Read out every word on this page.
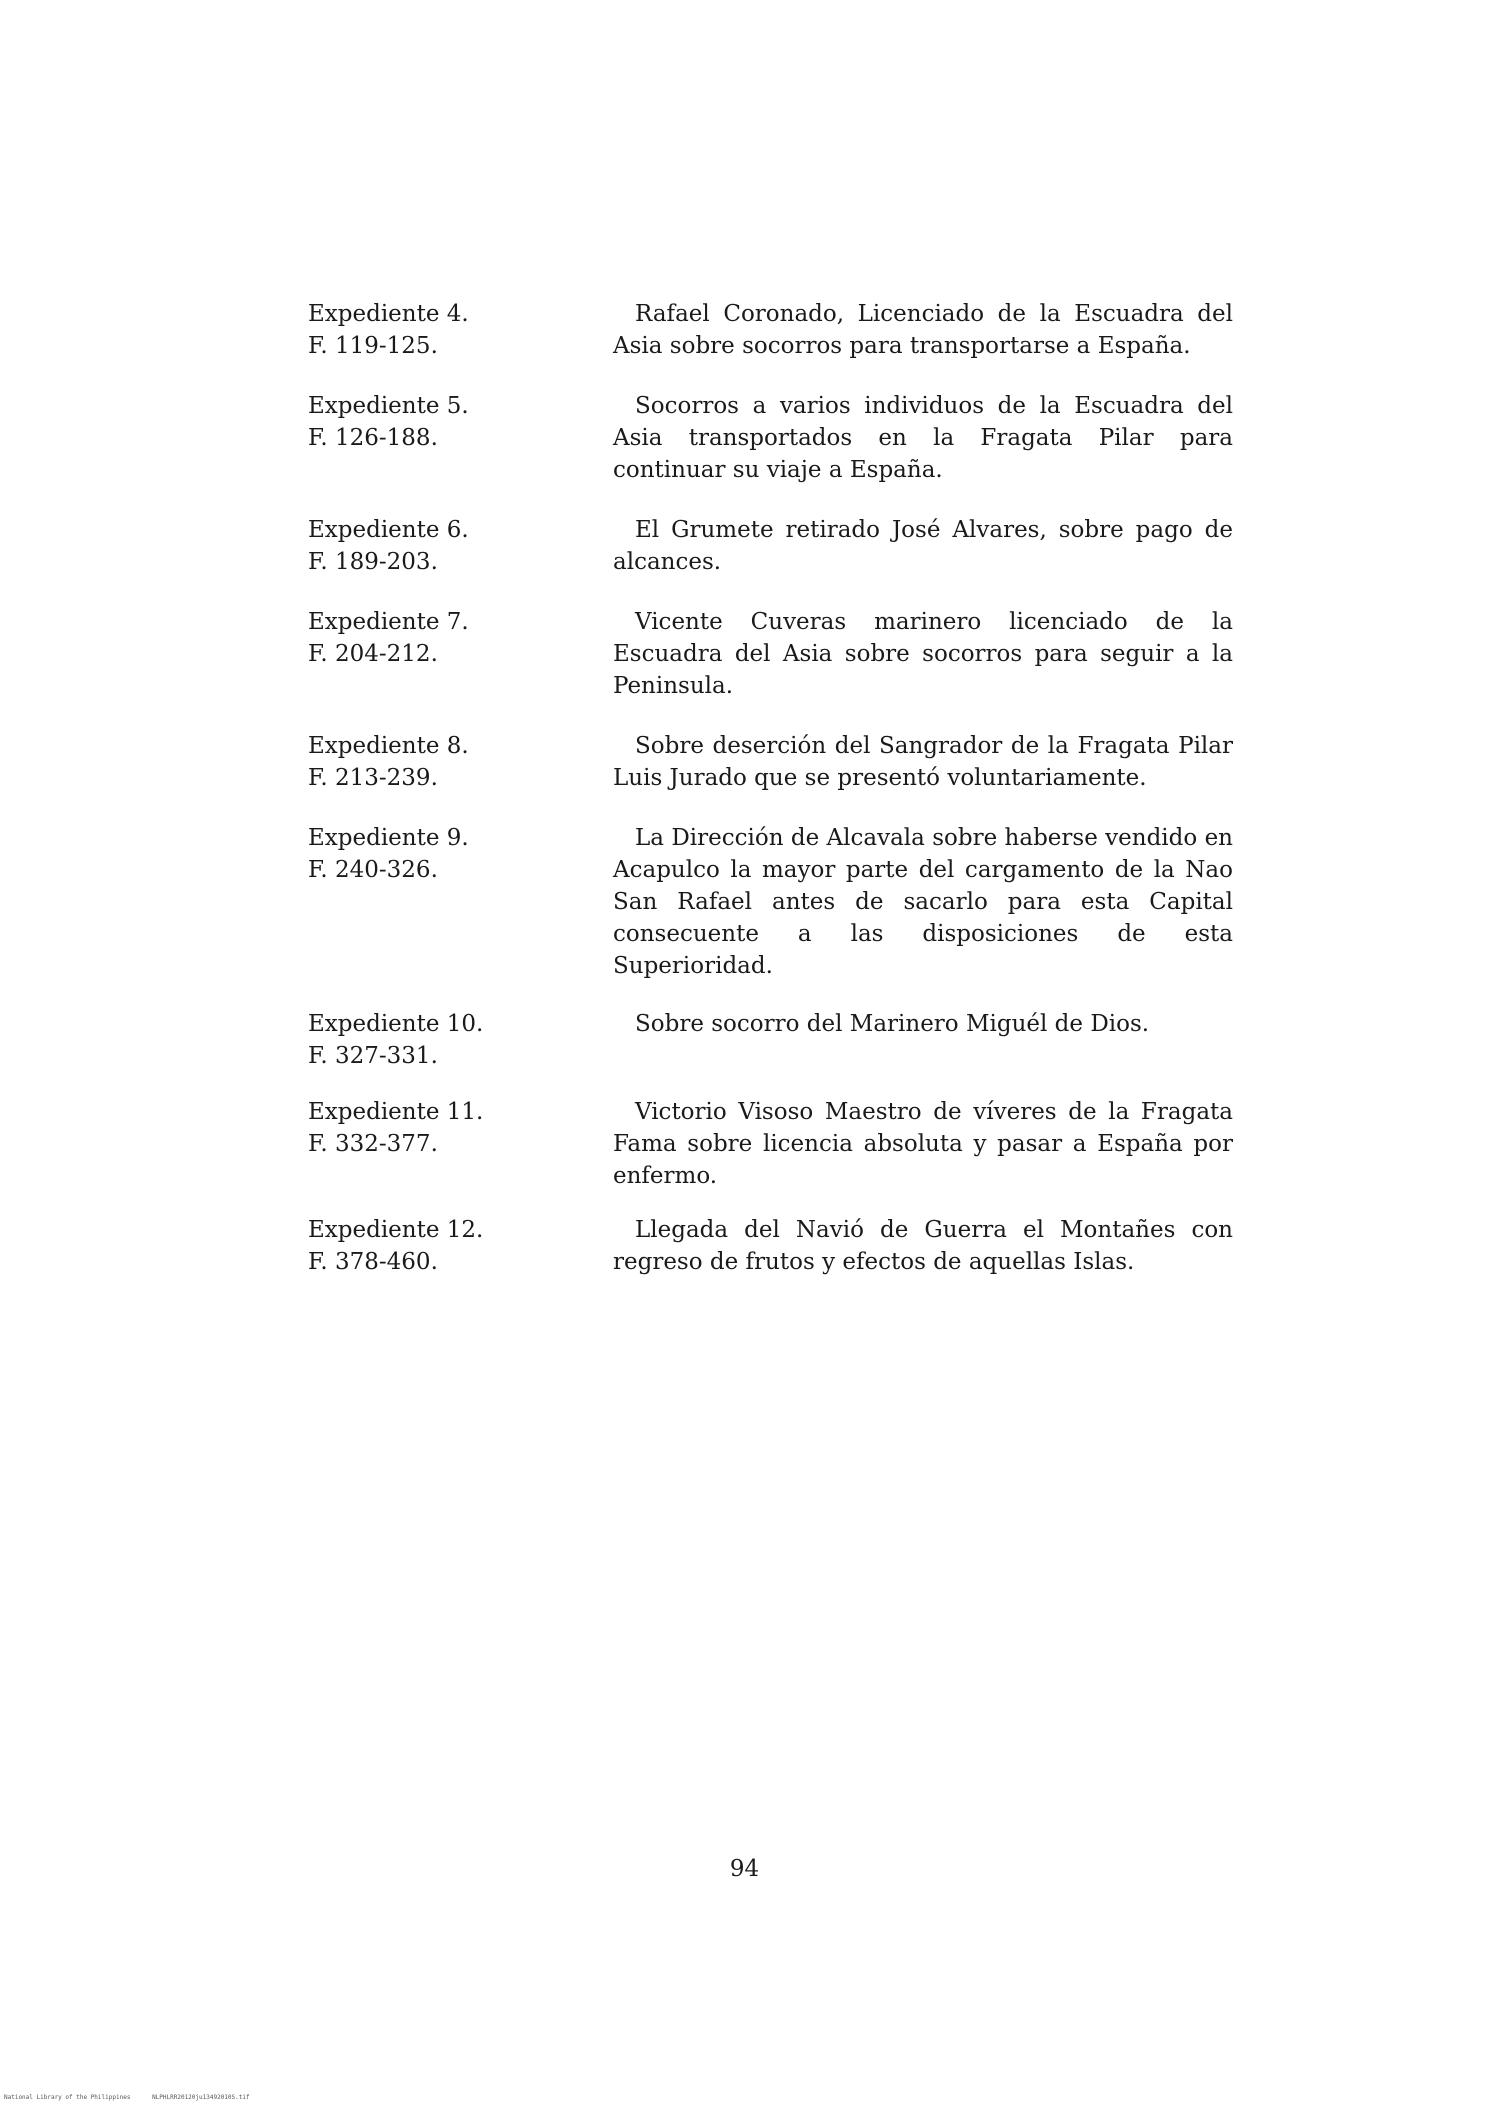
Expediente 4.
F. 119-125.
Rafael Coronado, Licenciado de la Escuadra del Asia sobre socorros para transportarse a España.
Expediente 5.
F. 126-188.
Socorros a varios individuos de la Escuadra del Asia transportados en la Fragata Pilar para continuar su viaje a España.
Expediente 6.
F. 189-203.
El Grumete retirado José Alvares, sobre pago de alcances.
Expediente 7.
F. 204-212.
Vicente Cuveras marinero licenciado de la Escuadra del Asia sobre socorros para seguir a la Peninsula.
Expediente 8.
F. 213-239.
Sobre deserción del Sangrador de la Fragata Pilar Luis Jurado que se presentó voluntariamente.
Expediente 9.
F. 240-326.
La Dirección de Alcavala sobre haberse vendido en Acapulco la mayor parte del cargamento de la Nao San Rafael antes de sacarlo para esta Capital consecuente a las disposiciones de esta Superioridad.
Expediente 10.
F. 327-331.
Sobre socorro del Marinero Miguél de Dios.
Expediente 11.
F. 332-377.
Victorio Visoso Maestro de víveres de la Fragata Fama sobre licencia absoluta y pasar a España por enfermo.
Expediente 12.
F. 378-460.
Llegada del Navió de Guerra el Montañes con regreso de frutos y efectos de aquellas Islas.
94
National Library of the Philippines	NLPHLRR20120ju13492010S.tif
